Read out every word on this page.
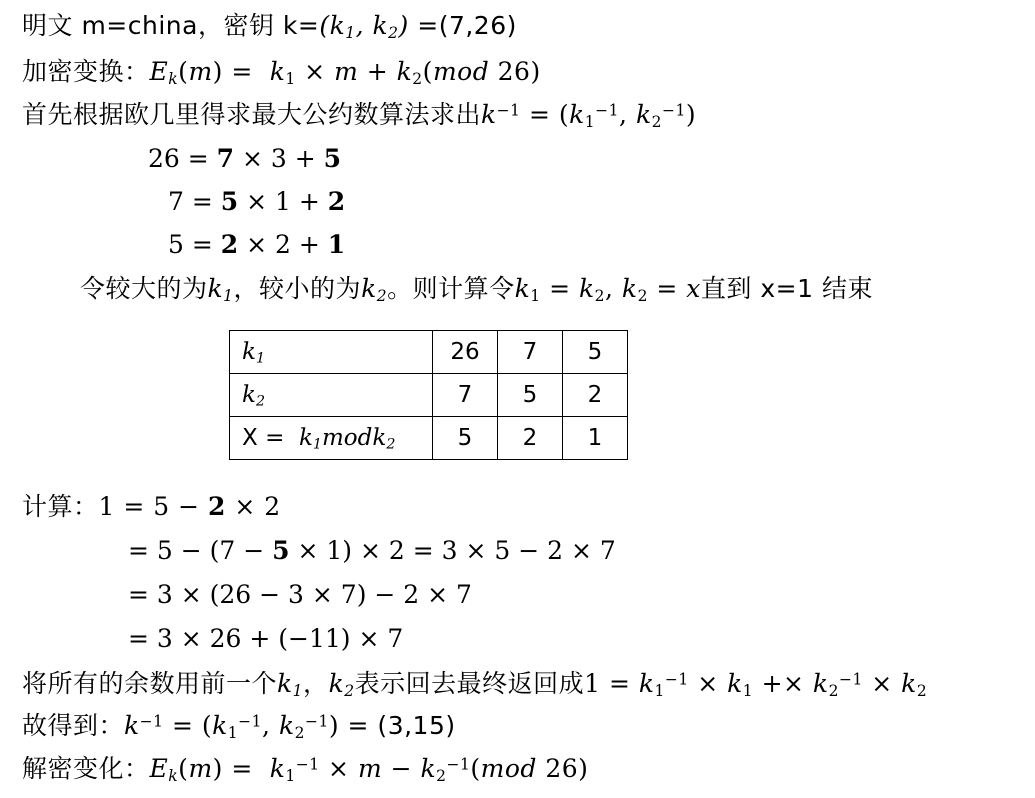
明文 m=china，密钥 $k=(k_1$, $k_2) =(7,26)$
加密变换：$E_k(m) = k_1 \times m + k_2(mod$ 26)
首先根据欧几里得求最大公约数算法求出$k^{-1} = (k_1^{-1}$, $k_2^{-1}$)
26 = 7 × 3 + 5
7 = 5 × 1 + 2
5 = 2 × 2 + 1
令较大的为$k_1$，较小的为$k_2$。则计算令$k_1 = k_2$, $k_2 = x$直到 x=1 结束
$k_1$	26	7	5
$k_2$	7	5	2
$X = k_1modk_2$	5	2	1
计算：1 = 5 − 2 × 2
= 5 − (7 − 5 × 1) × 2 = 3 × 5 − 2 × 7
= 3 × (26 − 3 × 7) − 2 × 7
= 3 × 26 + (−11) × 7
将所有的余数用前一个$k_1$，$k_2$表示回去最终返回成$1 = k_1^{-1} \times k_1 +\times k_2^{-1} \times k_2$
故得到：$k^{-1} = (k_1^{-1}$, $k_2^{-1}) = (3,15)$
解密变化：$E_k(m) = k_1^{-1} \times m - k_2^{-1}(mod$ 26)
